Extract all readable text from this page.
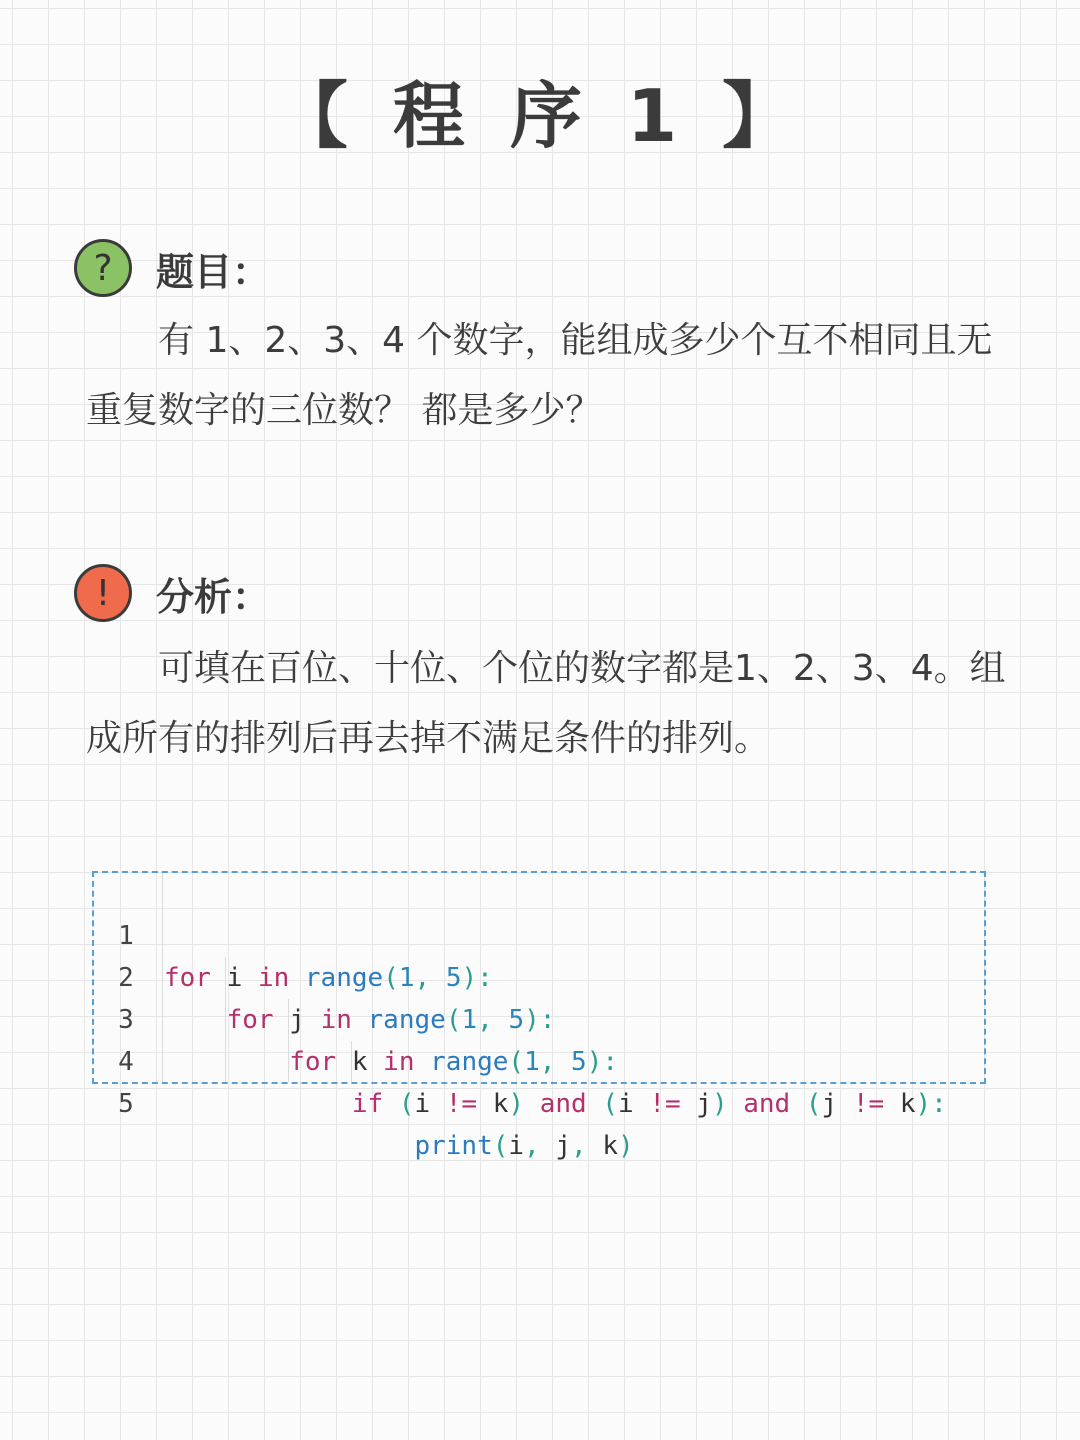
【 程 序 1 】
?	题目：
有 1、2、3、4 个数字，能组成多少个互不相同且无重复数字的三位数？ 都是多少？
!	分析：
可填在百位、十位、个位的数字都是1、2、3、4。组成所有的排列后再去掉不满足条件的排列。

1

for i in range(1, 5):

2

for j in range(1, 5):

3

for k in range(1, 5):

4

if (i != k) and (i != j) and (j != k):

5

print(i, j, k)
